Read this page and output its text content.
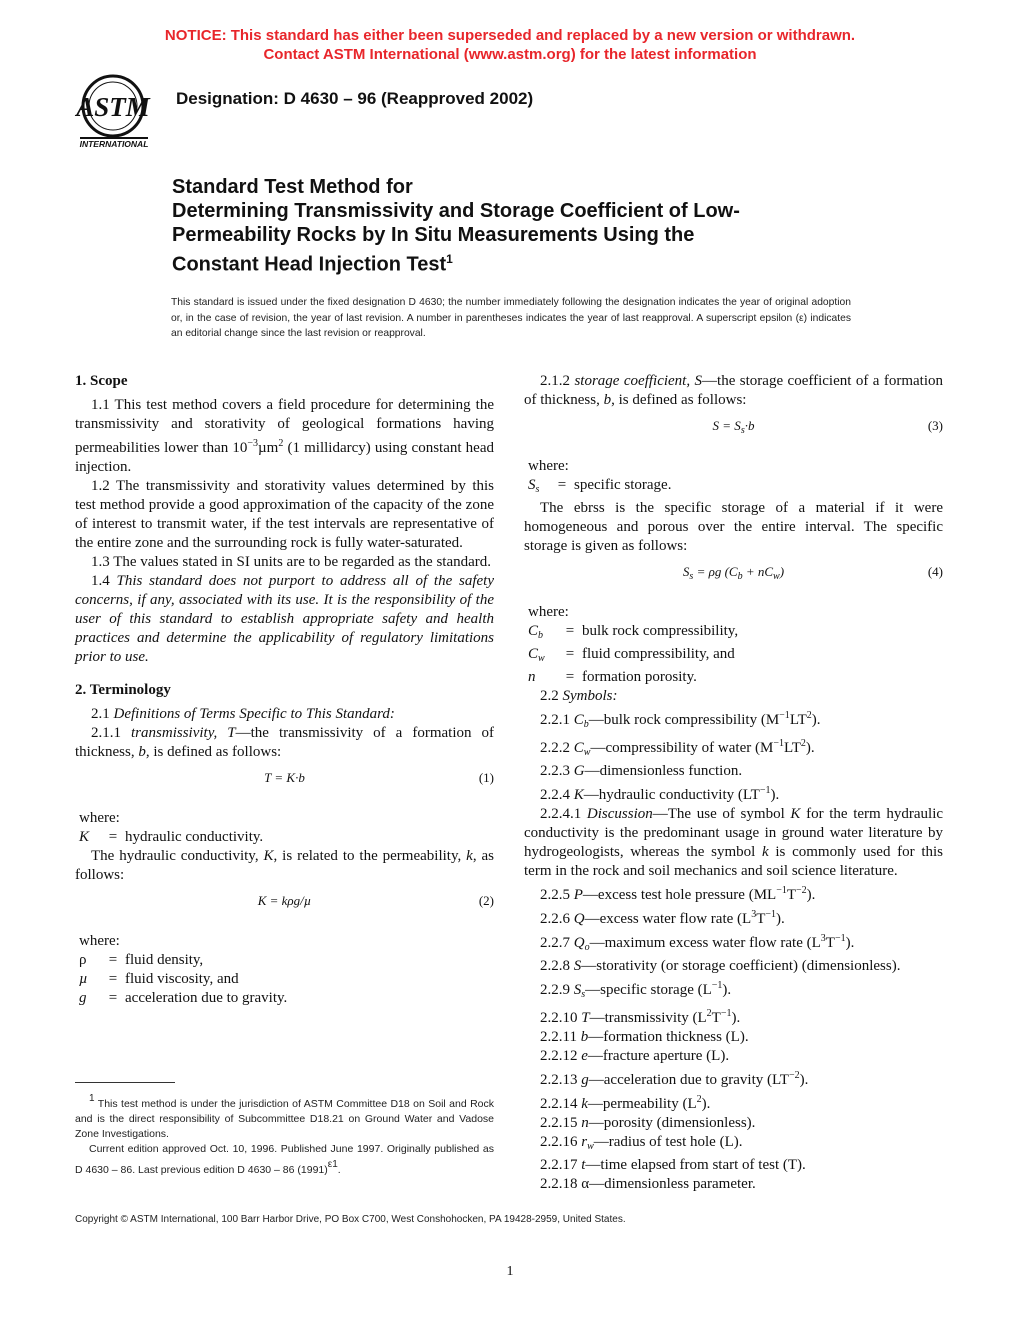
NOTICE: This standard has either been superseded and replaced by a new version or withdrawn.
Contact ASTM International (www.astm.org) for the latest information
ASTM
INTERNATIONAL
Designation: D 4630 – 96 (Reapproved 2002)
Standard Test Method for
Determining Transmissivity and Storage Coefficient of Low-
Permeability Rocks by In Situ Measurements Using the
Constant Head Injection Test$^1$
This standard is issued under the fixed designation D 4630; the number immediately following the designation indicates the year of original adoption or, in the case of revision, the year of last revision. A number in parentheses indicates the year of last reapproval. A superscript epsilon (ε) indicates an editorial change since the last revision or reapproval.

1. Scope

1.1 This test method covers a field procedure for determining the transmissivity and storativity of geological formations having permeabilities lower than $10^{-3}\mu m^2$ (1 millidarcy) using constant head injection.

1.2 The transmissivity and storativity values determined by this test method provide a good approximation of the capacity of the zone of interest to transmit water, if the test intervals are representative of the entire zone and the surrounding rock is fully water-saturated.

1.3 The values stated in SI units are to be regarded as the standard.

1.4 This standard does not purport to address all of the safety concerns, if any, associated with its use. It is the responsibility of the user of this standard to establish appropriate safety and health practices and determine the applicability of regulatory limitations prior to use.

2. Terminology

2.1 Definitions of Terms Specific to This Standard:

2.1.1 transmissivity, T—the transmissivity of a formation of thickness, b, is defined as follows:

T = K·b	(1)

where:

K	= hydraulic conductivity.

The hydraulic conductivity, K, is related to the permeability, k, as follows:

K = kρg/µ	(2)

where:

ρ	= fluid density,
µ	= fluid viscosity, and
g	= acceleration due to gravity.

2.1.2 storage coefficient, S—the storage coefficient of a formation of thickness, b, is defined as follows:

$S = S_s\cdot b$	(3)

where:

$S_s$	= specific storage.

The ebrss is the specific storage of a material if it were homogeneous and porous over the entire interval. The specific storage is given as follows:

$S_s = \rho g$ $(C_b + nC_w)$	(4)

where:

$C_b$	= bulk rock compressibility,
$C_w$	= fluid compressibility, and
n	= formation porosity.

2.2 Symbols:

2.2.1 $C_b—bulk$ rock compressibility $(M^{-1}LT^2)$.

2.2.2 $C_w—compressibility$ of water $(M^{-1}LT^2)$.

2.2.3 G—dimensionless function.

2.2.4 K—hydraulic conductivity $(LT^{-1})$.

2.2.4.1 Discussion—The use of symbol K for the term hydraulic conductivity is the predominant usage in ground water literature by hydrogeologists, whereas the symbol k is commonly used for this term in the rock and soil mechanics and soil science literature.

2.2.5 P—excess test hole pressure $(ML^{-1}T^{-2})$.

2.2.6 Q—excess water flow rate $(L^3T^{-1})$.

2.2.7 $Q_o—maximum$ excess water flow rate $(L^3T^{-1})$.

2.2.8 S—storativity (or storage coefficient) (dimensionless).

2.2.9 $S_s—specific$ storage $(L^{-1})$.

2.2.10 T—transmissivity $(L^2T^{-1})$.

2.2.11 b—formation thickness (L).

2.2.12 e—fracture aperture (L).

2.2.13 g—acceleration due to gravity $(LT^{-2})$.

2.2.14 k—permeability $(L^2)$.

2.2.15 n—porosity (dimensionless).

2.2.16 $r_w—radius$ of test hole (L).

2.2.17 t—time elapsed from start of test (T).

2.2.18 α—dimensionless parameter.

1 This test method is under the jurisdiction of ASTM Committee D18 on Soil and Rock and is the direct responsibility of Subcommittee D18.21 on Ground Water and Vadose Zone Investigations.

Current edition approved Oct. 10, 1996. Published June 1997. Originally published as D 4630 – 86. Last previous edition D 4630 – 86 (1991)ε1.

Copyright © ASTM International, 100 Barr Harbor Drive, PO Box C700, West Conshohocken, PA 19428-2959, United States.
1
